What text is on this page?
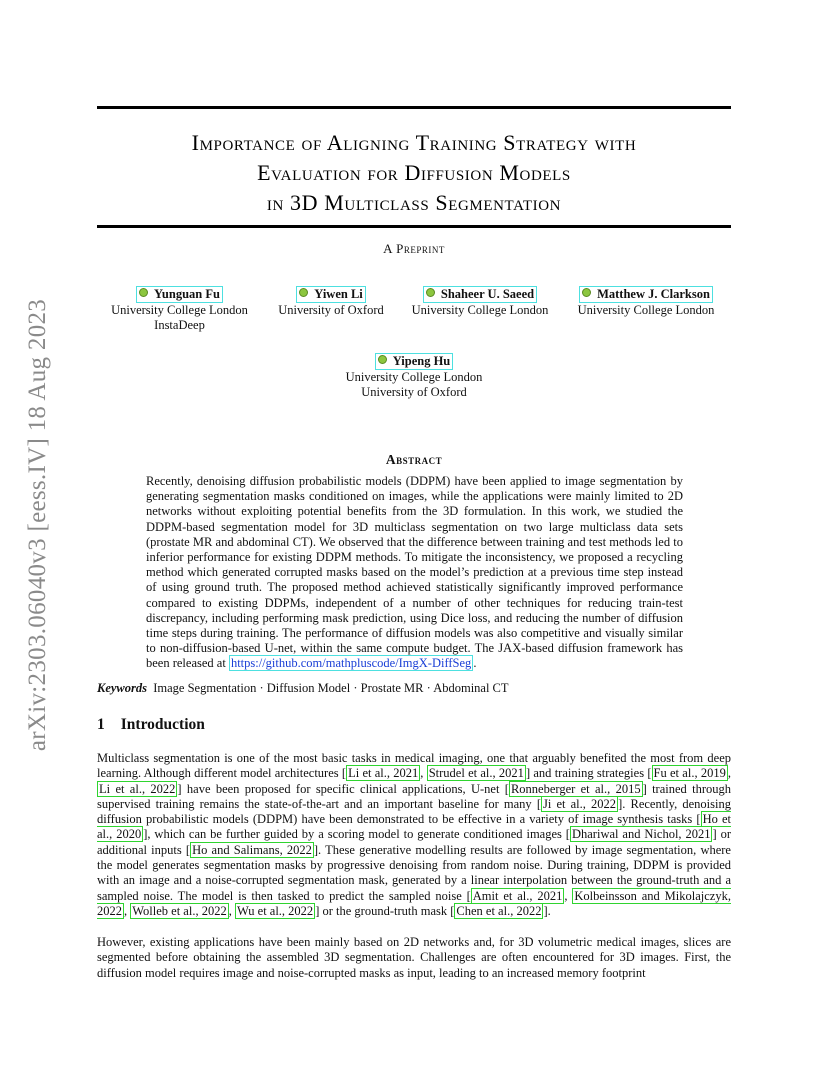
arXiv:2303.06040v3 [eess.IV] 18 Aug 2023
Importance of Aligning Training Strategy with
Evaluation for Diffusion Models
in 3D Multiclass Segmentation
A Preprint
Yunguan Fu
University College London
InstaDeep
Yiwen Li
University of Oxford
Shaheer U. Saeed
University College London
Matthew J. Clarkson
University College London
Yipeng Hu
University College London
University of Oxford
Abstract
Recently, denoising diffusion probabilistic models (DDPM) have been applied to image segmentation by generating segmentation masks conditioned on images, while the applications were mainly limited to 2D networks without exploiting potential benefits from the 3D formulation. In this work, we studied the DDPM-based segmentation model for 3D multiclass segmentation on two large multiclass data sets (prostate MR and abdominal CT). We observed that the difference between training and test methods led to inferior performance for existing DDPM methods. To mitigate the inconsistency, we proposed a recycling method which generated corrupted masks based on the model’s prediction at a previous time step instead of using ground truth. The proposed method achieved statistically significantly improved performance compared to existing DDPMs, independent of a number of other techniques for reducing train-test discrepancy, including performing mask prediction, using Dice loss, and reducing the number of diffusion time steps during training. The performance of diffusion models was also competitive and visually similar to non-diffusion-based U-net, within the same compute budget. The JAX-based diffusion framework has been released at https://github.com/mathpluscode/ImgX-DiffSeg .
Keywords Image Segmentation · Diffusion Model · Prostate MR · Abdominal CT
1 Introduction
Multiclass segmentation is one of the most basic tasks in medical imaging, one that arguably benefited the most from deep learning. Although different model architectures [ Li et al., 2021 , Strudel et al., 2021 ] and training strategies [ Fu et al., 2019 , Li et al., 2022 ] have been proposed for specific clinical applications, U-net [ Ronneberger et al., 2015 ] trained through supervised training remains the state-of-the-art and an important baseline for many [ Ji et al., 2022 ]. Recently, denoising diffusion probabilistic models (DDPM) have been demonstrated to be effective in a variety of image synthesis tasks [ Ho et al., 2020 ], which can be further guided by a scoring model to generate conditioned images [ Dhariwal and Nichol, 2021 ] or additional inputs [ Ho and Salimans, 2022 ]. These generative modelling results are followed by image segmentation, where the model generates segmentation masks by progressive denoising from random noise. During training, DDPM is provided with an image and a noise-corrupted segmentation mask, generated by a linear interpolation between the ground-truth and a sampled noise. The model is then tasked to predict the sampled noise [ Amit et al., 2021 , Kolbeinsson and Mikolajczyk, 2022 , Wolleb et al., 2022 , Wu et al., 2022 ] or the ground-truth mask [ Chen et al., 2022 ].
However, existing applications have been mainly based on 2D networks and, for 3D volumetric medical images, slices are segmented before obtaining the assembled 3D segmentation. Challenges are often encountered for 3D images. First, the diffusion model requires image and noise-corrupted masks as input, leading to an increased memory footprint
